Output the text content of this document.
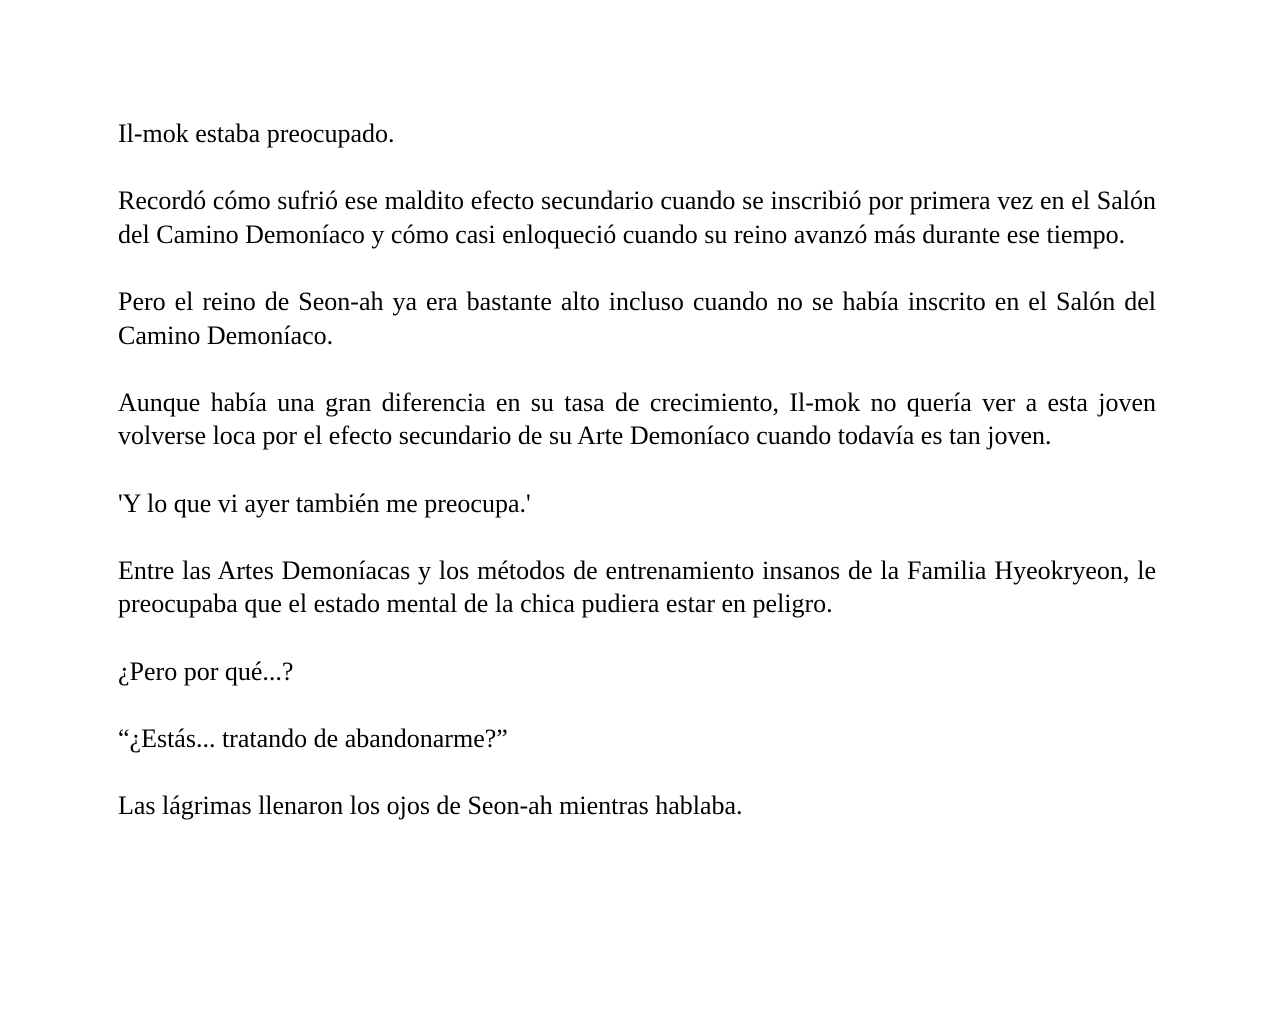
Il-mok estaba preocupado.

Recordó cómo sufrió ese maldito efecto secundario cuando se inscribió por primera vez en el Salón del Camino Demoníaco y cómo casi enloqueció cuando su reino avanzó más durante ese tiempo.

Pero el reino de Seon-ah ya era bastante alto incluso cuando no se había inscrito en el Salón del Camino Demoníaco.

Aunque había una gran diferencia en su tasa de crecimiento, Il-mok no quería ver a esta joven volverse loca por el efecto secundario de su Arte Demoníaco cuando todavía es tan joven.

'Y lo que vi ayer también me preocupa.'

Entre las Artes Demoníacas y los métodos de entrenamiento insanos de la Familia Hyeokryeon, le preocupaba que el estado mental de la chica pudiera estar en peligro.

¿Pero por qué...?

“¿Estás... tratando de abandonarme?”

Las lágrimas llenaron los ojos de Seon-ah mientras hablaba.
